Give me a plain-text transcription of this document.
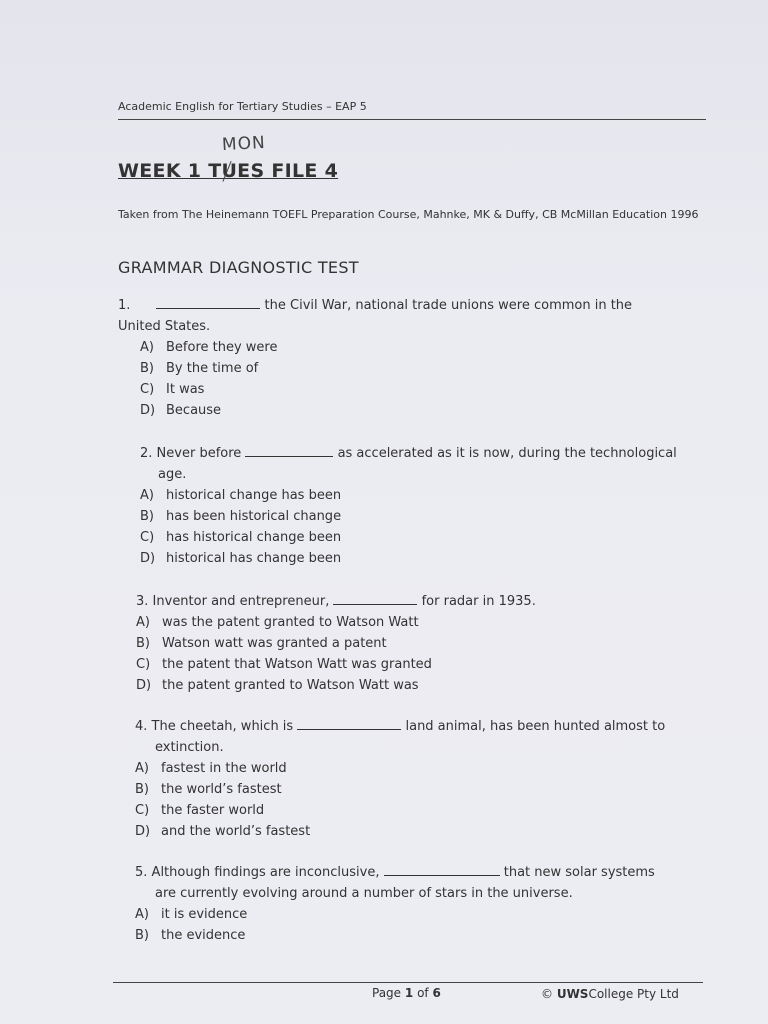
Academic English for Tertiary Studies – EAP 5
MON
WEEK 1 TUES FILE 4
Taken from The Heinemann TOEFL Preparation Course, Mahnke, MK & Duffy, CB McMillan Education 1996
GRAMMAR DIAGNOSTIC TEST
1.	the Civil War, national trade unions were common in the
United States.
A) Before they were
B) By the time of
C) It was
D) Because
2. Never before	as accelerated as it is now, during the technological
age.
A) historical change has been
B) has been historical change
C) has historical change been
D) historical has change been
3. Inventor and entrepreneur,	for radar in 1935.
A) was the patent granted to Watson Watt
B) Watson watt was granted a patent
C) the patent that Watson Watt was granted
D) the patent granted to Watson Watt was
4. The cheetah, which is	land animal, has been hunted almost to
extinction.
A) fastest in the world
B) the world’s fastest
C) the faster world
D) and the world’s fastest
5. Although findings are inconclusive,	that new solar systems
are currently evolving around a number of stars in the universe.
A) it is evidence
B) the evidence
Page 1 of 6	© UWSCollege Pty Ltd
